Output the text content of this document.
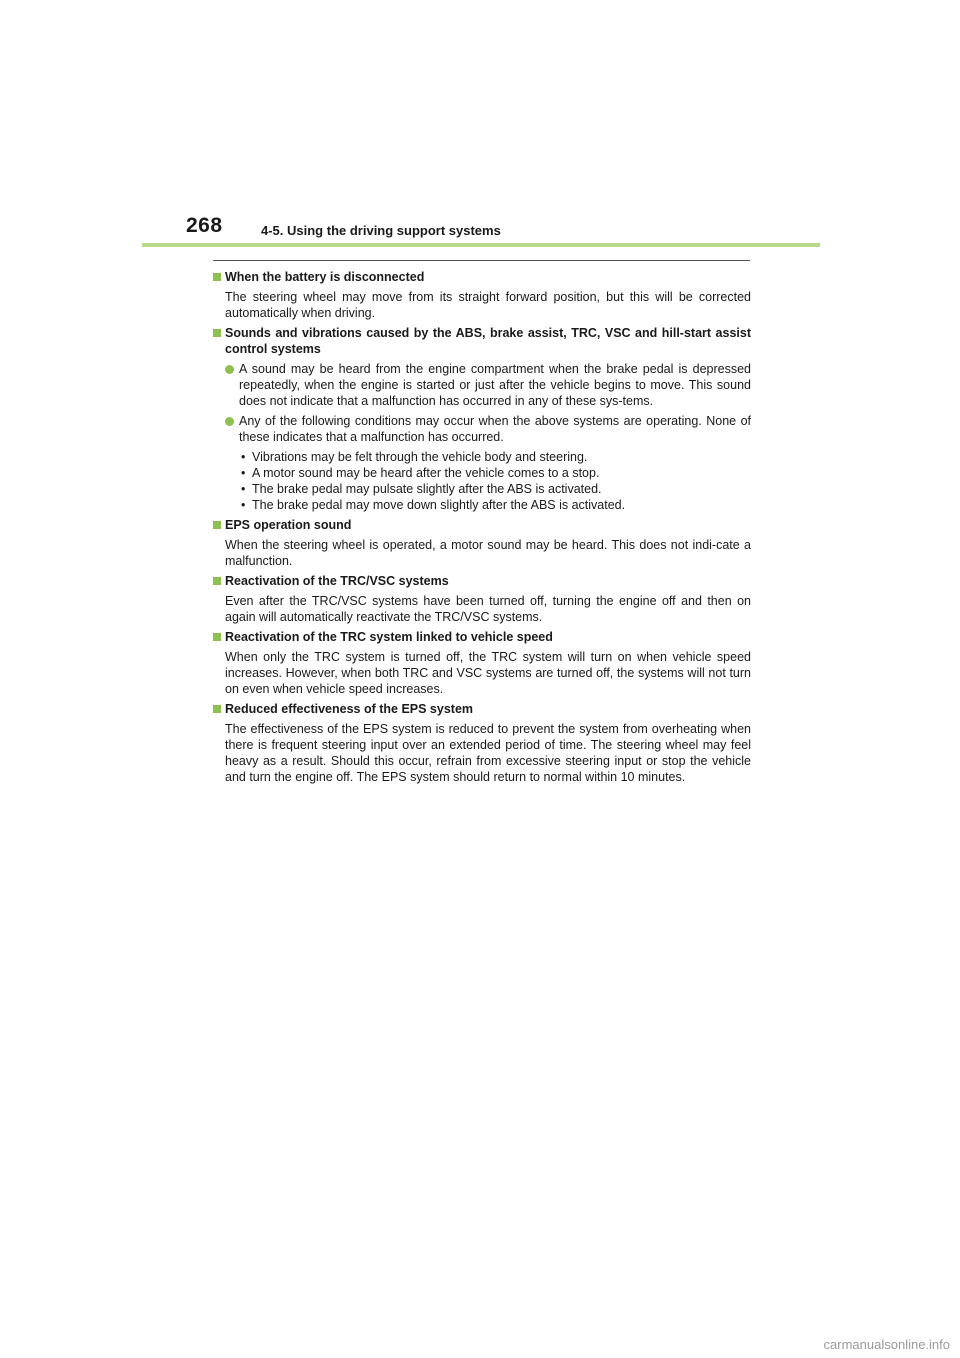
268	4-5. Using the driving support systems
When the battery is disconnected
The steering wheel may move from its straight forward position, but this will be corrected automatically when driving.
Sounds and vibrations caused by the ABS, brake assist, TRC, VSC and hill-start assist control systems
A sound may be heard from the engine compartment when the brake pedal is depressed repeatedly, when the engine is started or just after the vehicle begins to move. This sound does not indicate that a malfunction has occurred in any of these sys-tems.
Any of the following conditions may occur when the above systems are operating. None of these indicates that a malfunction has occurred.
• Vibrations may be felt through the vehicle body and steering.
• A motor sound may be heard after the vehicle comes to a stop.
• The brake pedal may pulsate slightly after the ABS is activated.
• The brake pedal may move down slightly after the ABS is activated.
EPS operation sound
When the steering wheel is operated, a motor sound may be heard. This does not indi-cate a malfunction.
Reactivation of the TRC/VSC systems
Even after the TRC/VSC systems have been turned off, turning the engine off and then on again will automatically reactivate the TRC/VSC systems.
Reactivation of the TRC system linked to vehicle speed
When only the TRC system is turned off, the TRC system will turn on when vehicle speed increases. However, when both TRC and VSC systems are turned off, the systems will not turn on even when vehicle speed increases.
Reduced effectiveness of the EPS system
The effectiveness of the EPS system is reduced to prevent the system from overheating when there is frequent steering input over an extended period of time. The steering wheel may feel heavy as a result. Should this occur, refrain from excessive steering input or stop the vehicle and turn the engine off. The EPS system should return to normal within 10 minutes.
carmanualsonline.info
